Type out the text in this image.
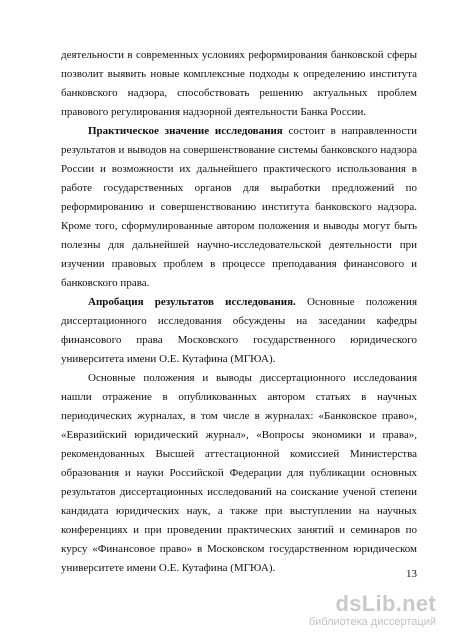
деятельности в современных условиях реформирования банковской сферы позволит выявить новые комплексные подходы к определению института банковского надзора, способствовать решению актуальных проблем правового регулирования надзорной деятельности Банка России.

Практическое значение исследования состоит в направленности результатов и выводов на совершенствование системы банковского надзора России и возможности их дальнейшего практического использования в работе государственных органов для выработки предложений по реформированию и совершенствованию института банковского надзора. Кроме того, сформулированные автором положения и выводы могут быть полезны для дальнейшей научно-исследовательской деятельности при изучении правовых проблем в процессе преподавания финансового и банковского права.

Апробация результатов исследования. Основные положения диссертационного исследования обсуждены на заседании кафедры финансового права Московского государственного юридического университета имени О.Е. Кутафина (МГЮА).

Основные положения и выводы диссертационного исследования нашли отражение в опубликованных автором статьях в научных периодических журналах, в том числе в журналах: «Банковское право», «Евразийский юридический журнал», «Вопросы экономики и права», рекомендованных Высшей аттестационной комиссией Министерства образования и науки Российской Федерации для публикации основных результатов диссертационных исследований на соискание ученой степени кандидата юридических наук, а также при выступлении на научных конференциях и при проведении практических занятий и семинаров по курсу «Финансовое право» в Московском государственном юридическом университете имени О.Е. Кутафина (МГЮА).	13
dsLib.net
библиотека диссертаций
